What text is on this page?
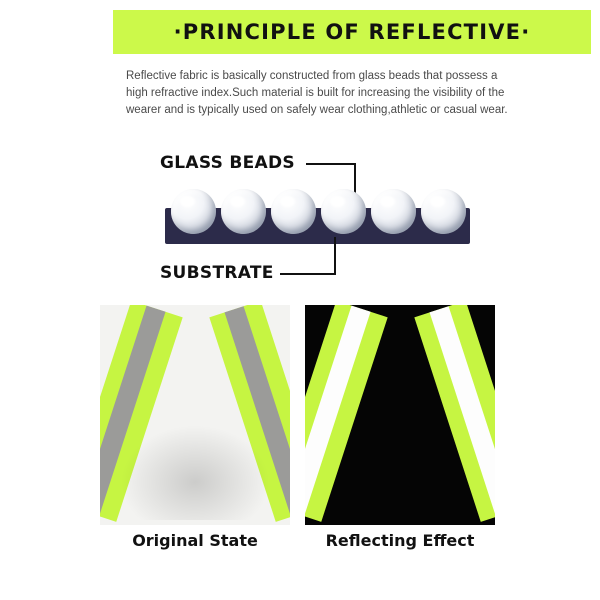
·PRINCIPLE OF REFLECTIVE·
Reflective fabric is basically constructed from glass beads that possess a high refractive index.Such material is built for increasing the visibility of the wearer and is typically used on safely wear clothing,athletic or casual wear.
GLASS BEADS
SUBSTRATE
Original State	Reflecting Effect
